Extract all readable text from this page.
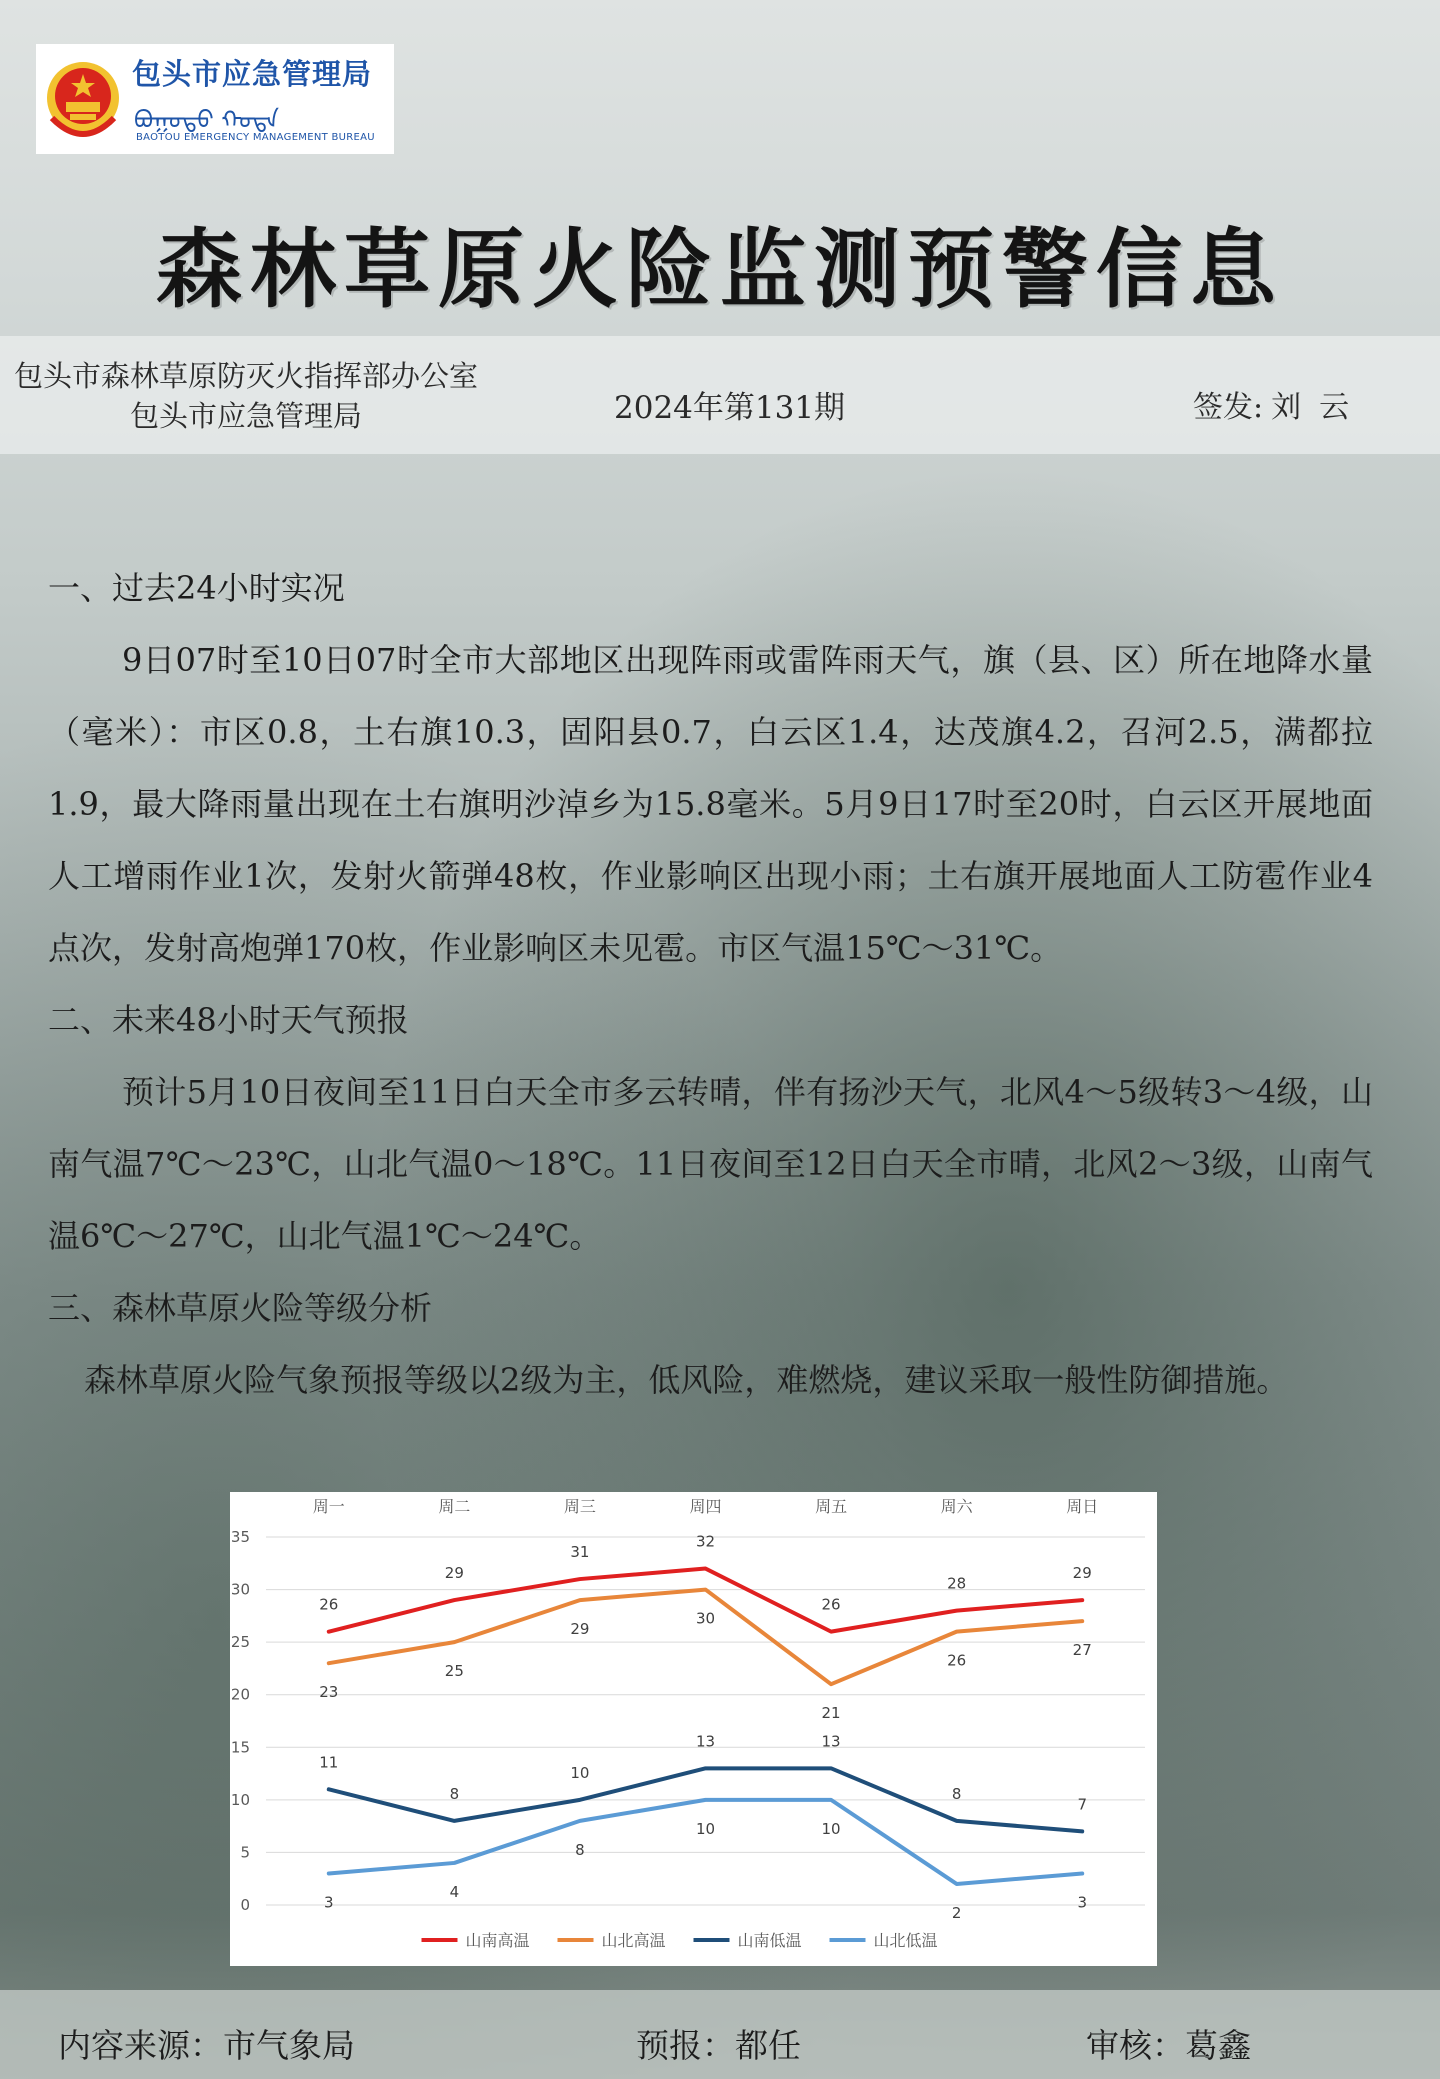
包头市应急管理局
ᠪᠤᠭᠤᠲᠤ ᠬᠣᠲᠠ
BAOTOU EMERGENCY MANAGEMENT BUREAU
森林草原火险监测预警信息
包头市森林草原防灭火指挥部办公室
包头市应急管理局	2024年第131期	签发: 刘云

一、过去24小时实况

9日07时至10日07时全市大部地区出现阵雨或雷阵雨天气，旗（县、区）所在地降水量（毫米）：市区0.8，土右旗10.3，固阳县0.7，白云区1.4，达茂旗4.2，召河2.5，满都拉1.9，最大降雨量出现在土右旗明沙淖乡为15.8毫米。5月9日17时至20时，白云区开展地面人工增雨作业1次，发射火箭弹48枚，作业影响区出现小雨；土右旗开展地面人工防雹作业4点次，发射高炮弹170枚，作业影响区未见雹。市区气温15℃～31℃。

二、未来48小时天气预报

预计5月10日夜间至11日白天全市多云转晴，伴有扬沙天气，北风4～5级转3～4级，山南气温7℃～23℃，山北气温0～18℃。11日夜间至12日白天全市晴，北风2～3级，山南气温6℃～27℃，山北气温1℃～24℃。

三、森林草原火险等级分析

森林草原火险气象预报等级以2级为主，低风险，难燃烧，建议采取一般性防御措施。

0
5
10
15
20
25
30
35
周一	周二	周三	周四	周五	周六	周日
26
29
31
32
26
28
29
23
25
29
30
21
26
27
11
8
10
13	13
8
7
3
4
8
10	10
2
3
山南高温	山北高温	山南低温	山北低温
内容来源：市气象局	预报：都任	审核：葛鑫
